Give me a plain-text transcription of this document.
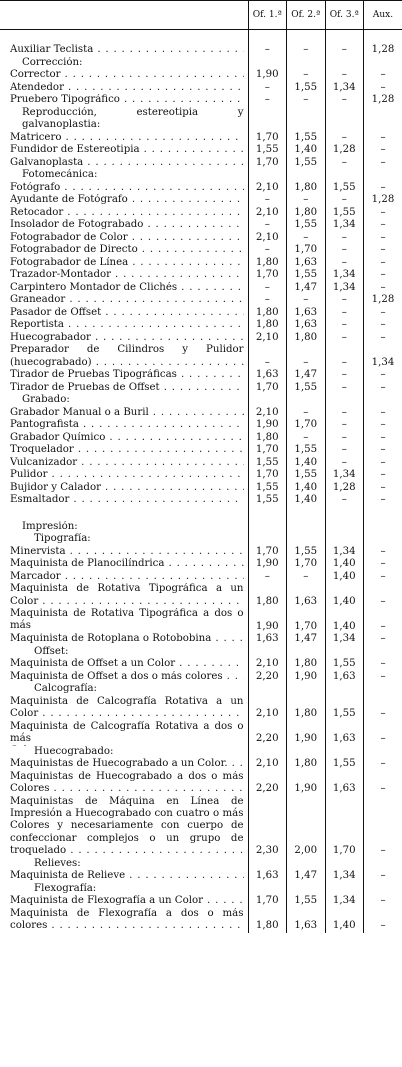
	Of. 1.ª	Of. 2.ª	Of. 3.ª	Aux.

Auxiliar Teclista . . .	–	–	–	1,28

Corrección:				

Corrector . . .	1,90	–	–	–

Atendedor . . .	–	1,55	1,34	–

Pruebero Tipográfico . . .	–	–	–	1,28

Reproducción, estereotipia y galvanoplastia:				

Matricero . . .	1,70	1,55	–	–

Fundidor de Estereotipia . . .	1,55	1,40	1,28	–

Galvanoplasta . . .	1,70	1,55	–	–

Fotomecánica:				

Fotógrafo . . .	2,10	1,80	1,55	–

Ayudante de Fotógrafo . . .	–	–	–	1,28

Retocador . . .	2,10	1,80	1,55	–

Insolador de Fotograbado . . .	–	1,55	1,34	–

Fotograbador de Color . . .	2,10	–	–	–

Fotograbador de Directo . . .	–	1,70	–	–

Fotograbador de Línea . . .	1,80	1,63	–	–

Trazador-Montador . . .	1,70	1,55	1,34	–

Carpintero Montador de Clichés . . .	–	1,47	1,34	–

Graneador . . .	–	–	–	1,28

Pasador de Offset . . .	1,80	1,63	–	–

Reportista . . .	1,80	1,63	–	–

Huecograbador . . .	2,10	1,80	–	–

Preparador de Cilindros y Pulidor (huecograbado) . . .	–	–	–	1,34

Tirador de Pruebas Tipográficas . . .	1,63	1,47	–	–

Tirador de Pruebas de Offset . . .	1,70	1,55	–	–

Grabado:				

Grabador Manual o a Buril . . .	2,10	–	–	–

Pantografista . . .	1,90	1,70	–	–

Grabador Químico . . .	1,80	–	–	–

Troquelador . . .	1,70	1,55	–	–

Vulcanizador . . .	1,55	1,40	–	–

Pulidor . . .	1,70	1,55	1,34	–

Bujidor y Calador . . .	1,55	1,40	1,28	–

Esmaltador . . .	1,55	1,40	–	–

Impresión:				

Tipografía:				

Minervista . . .	1,70	1,55	1,34	–

Maquinista de Planocilíndrica . . .	1,90	1,70	1,40	–

Marcador . . .	–	–	1,40	–

Maquinista de Rotativa Tipográfica a un Color . . .	1,80	1,63	1,40	–

Maquinista de Rotativa Tipográfica a dos o más . . .	1,90	1,70	1,40	–

Maquinista de Rotoplana o Rotobobina . . .	1,63	1,47	1,34	–

Offset:				

Maquinista de Offset a un Color . . .	2,10	1,80	1,55	–

Maquinista de Offset a dos o más colores . . .	2,20	1,90	1,63	–

Calcografía:				

Maquinista de Calcografía Rotativa a un Color . . .	2,10	1,80	1,55	–

Maquinista de Calcografía Rotativa a dos o más . . .	2,20	1,90	1,63	–

Huecograbado:				

Maquinistas de Huecograbado a un Color. . . .	2,10	1,80	1,55	–

Maquinistas de Huecograbado a dos o más Colores . . .	2,20	1,90	1,63	–

Maquinistas de Máquina en Línea de Impresión a Huecograbado con cuatro o más Colores y necesariamente con cuerpo de confeccionar complejos o un grupo de troquelado . . .	2,30	2,00	1,70	–

Relieves:				

Maquinista de Relieve . . .	1,63	1,47	1,34	–

Flexografía:				

Maquinista de Flexografía a un Color . . .	1,70	1,55	1,34	–

Maquinista de Flexografía a dos o más colores . . .	1,80	1,63	1,40	–
